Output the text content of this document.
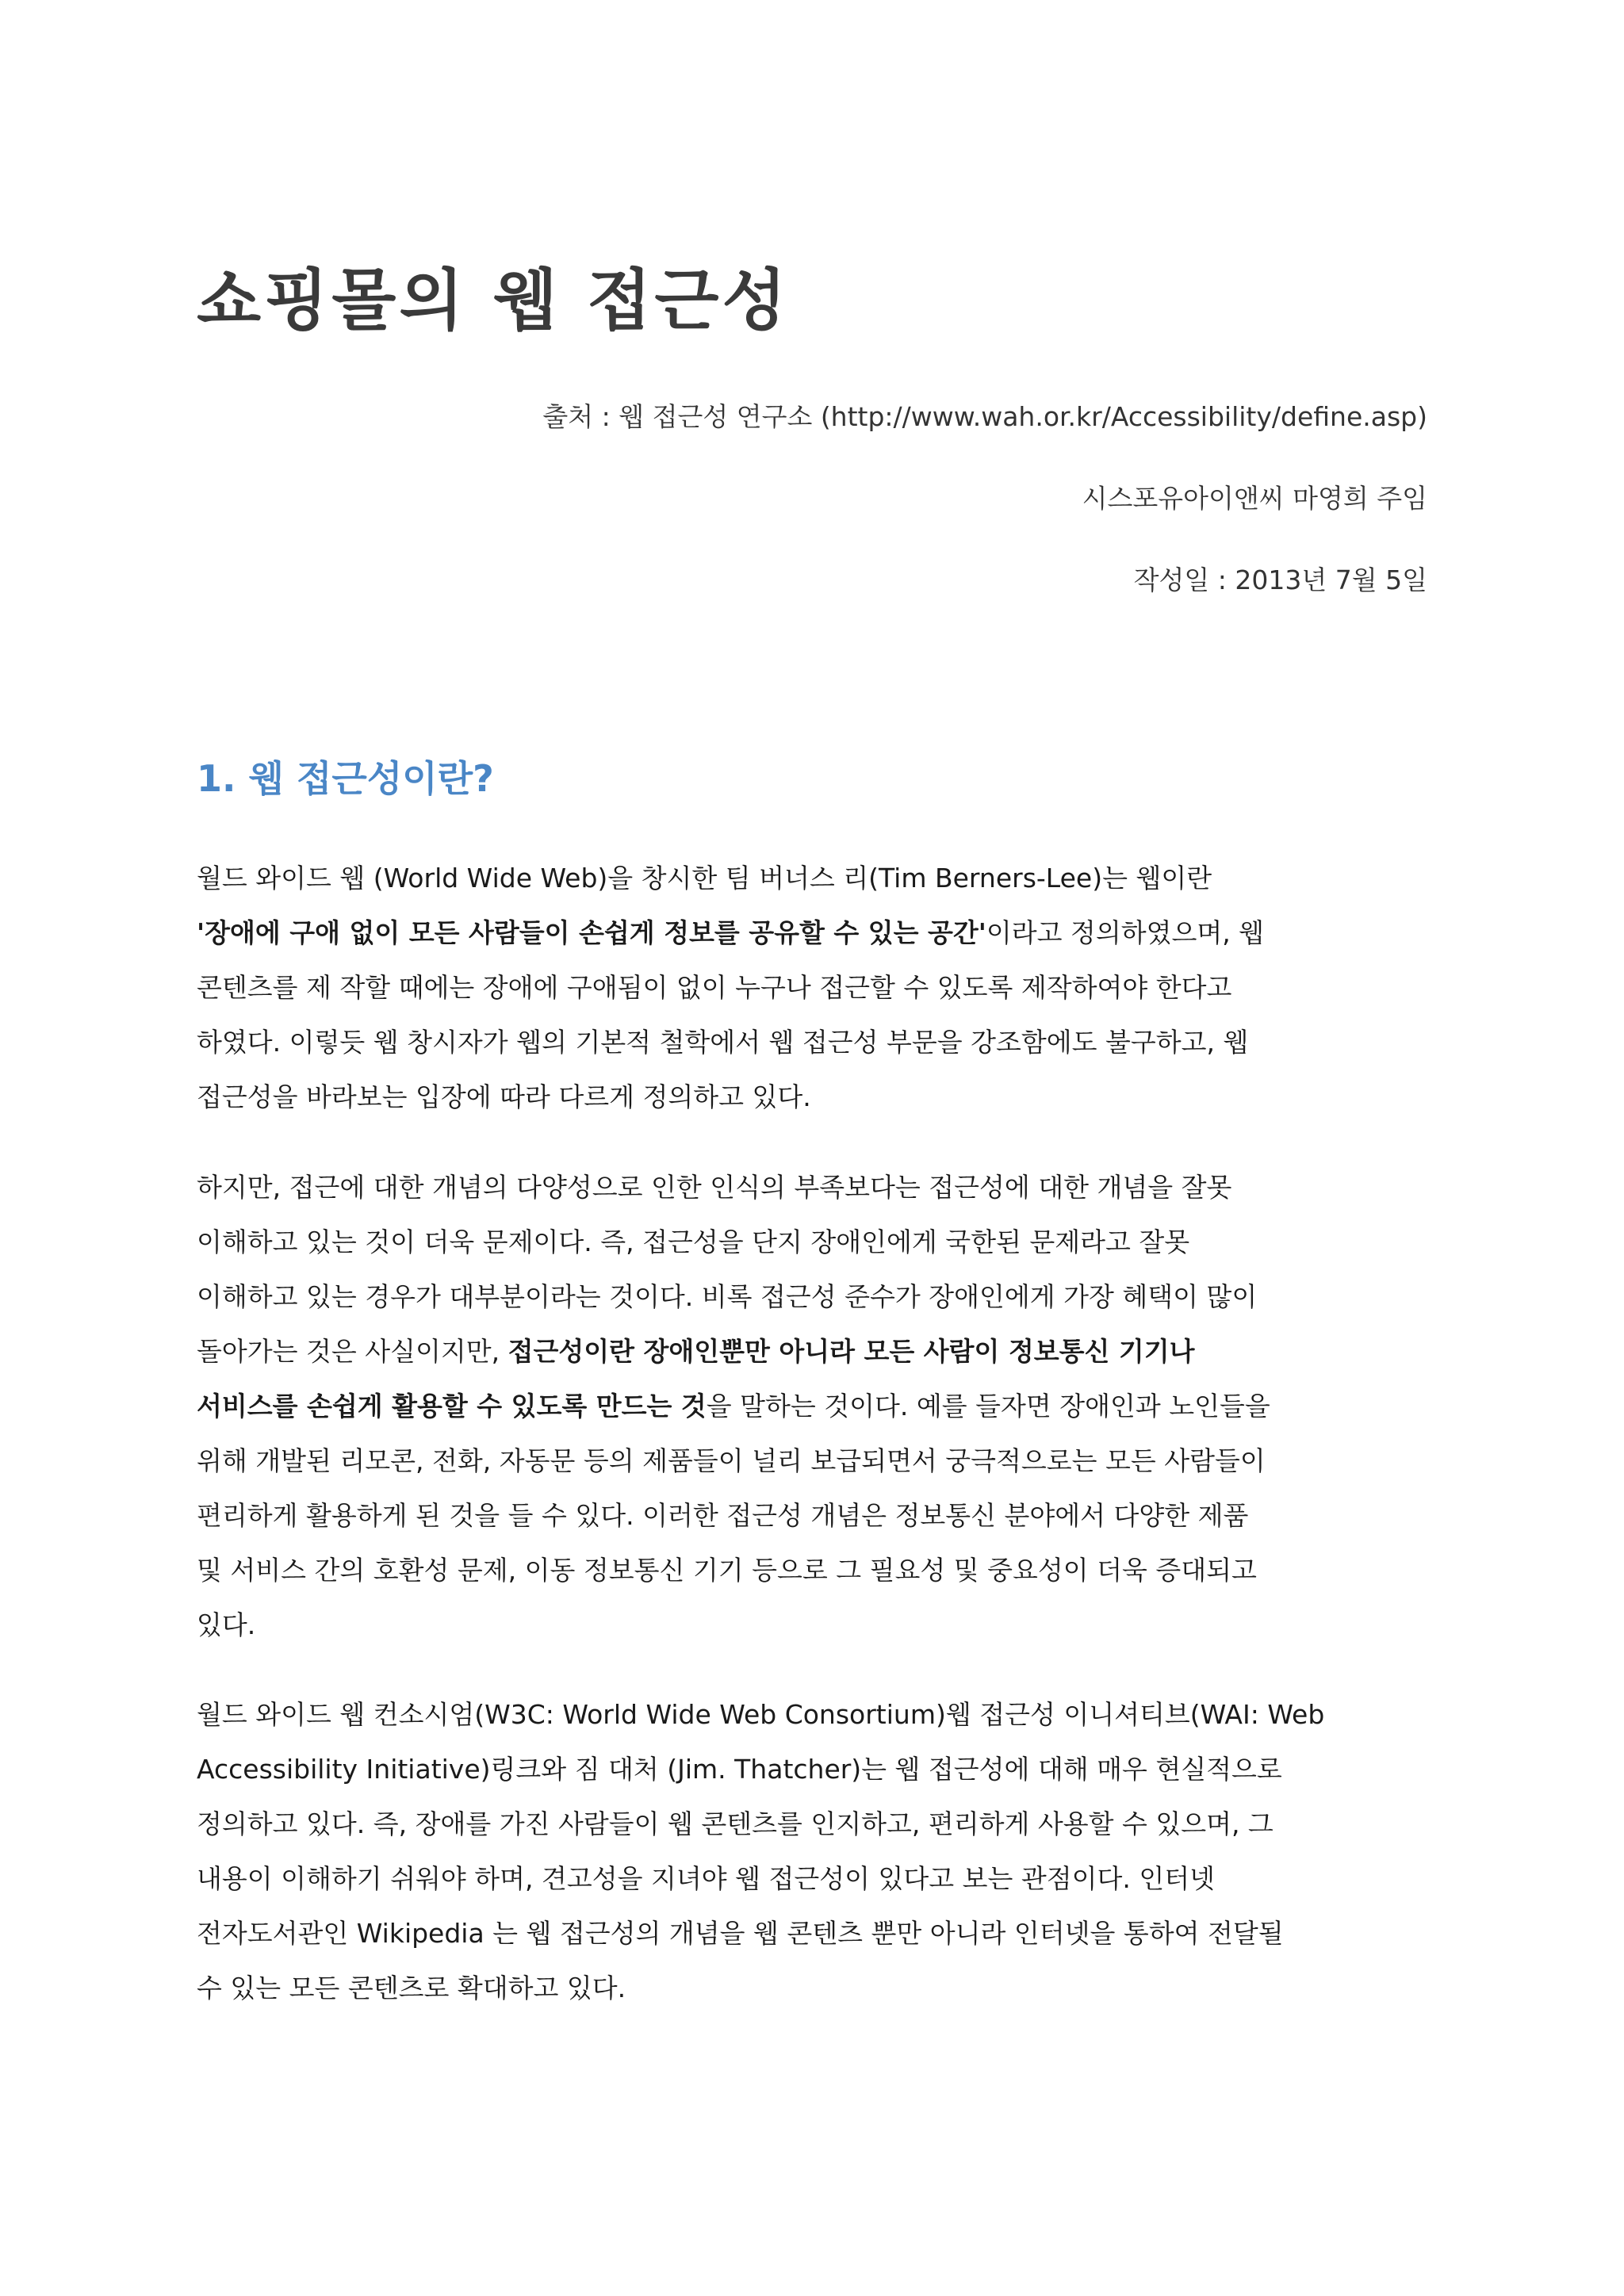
쇼핑몰의 웹 접근성

출처 : 웹 접근성 연구소 (http://www.wah.or.kr/Accessibility/define.asp)

시스포유아이앤씨 마영희 주임

작성일 : 2013년 7월 5일

1. 웹 접근성이란?

월드 와이드 웹 (World Wide Web)을 창시한 팀 버너스 리(Tim Berners-Lee)는 웹이란
'장애에 구애 없이 모든 사람들이 손쉽게 정보를 공유할 수 있는 공간'이라고 정의하였으며, 웹
콘텐츠를 제 작할 때에는 장애에 구애됨이 없이 누구나 접근할 수 있도록 제작하여야 한다고
하였다. 이렇듯 웹 창시자가 웹의 기본적 철학에서 웹 접근성 부문을 강조함에도 불구하고, 웹
접근성을 바라보는 입장에 따라 다르게 정의하고 있다.

하지만, 접근에 대한 개념의 다양성으로 인한 인식의 부족보다는 접근성에 대한 개념을 잘못
이해하고 있는 것이 더욱 문제이다. 즉, 접근성을 단지 장애인에게 국한된 문제라고 잘못
이해하고 있는 경우가 대부분이라는 것이다. 비록 접근성 준수가 장애인에게 가장 혜택이 많이
돌아가는 것은 사실이지만, 접근성이란 장애인뿐만 아니라 모든 사람이 정보통신 기기나
서비스를 손쉽게 활용할 수 있도록 만드는 것을 말하는 것이다. 예를 들자면 장애인과 노인들을
위해 개발된 리모콘, 전화, 자동문 등의 제품들이 널리 보급되면서 궁극적으로는 모든 사람들이
편리하게 활용하게 된 것을 들 수 있다. 이러한 접근성 개념은 정보통신 분야에서 다양한 제품
및 서비스 간의 호환성 문제, 이동 정보통신 기기 등으로 그 필요성 및 중요성이 더욱 증대되고
있다.

월드 와이드 웹 컨소시엄(W3C: World Wide Web Consortium)웹 접근성 이니셔티브(WAI: Web
Accessibility Initiative)링크와 짐 대처 (Jim. Thatcher)는 웹 접근성에 대해 매우 현실적으로
정의하고 있다. 즉, 장애를 가진 사람들이 웹 콘텐츠를 인지하고, 편리하게 사용할 수 있으며, 그
내용이 이해하기 쉬워야 하며, 견고성을 지녀야 웹 접근성이 있다고 보는 관점이다. 인터넷
전자도서관인 Wikipedia 는 웹 접근성의 개념을 웹 콘텐츠 뿐만 아니라 인터넷을 통하여 전달될
수 있는 모든 콘텐츠로 확대하고 있다.
